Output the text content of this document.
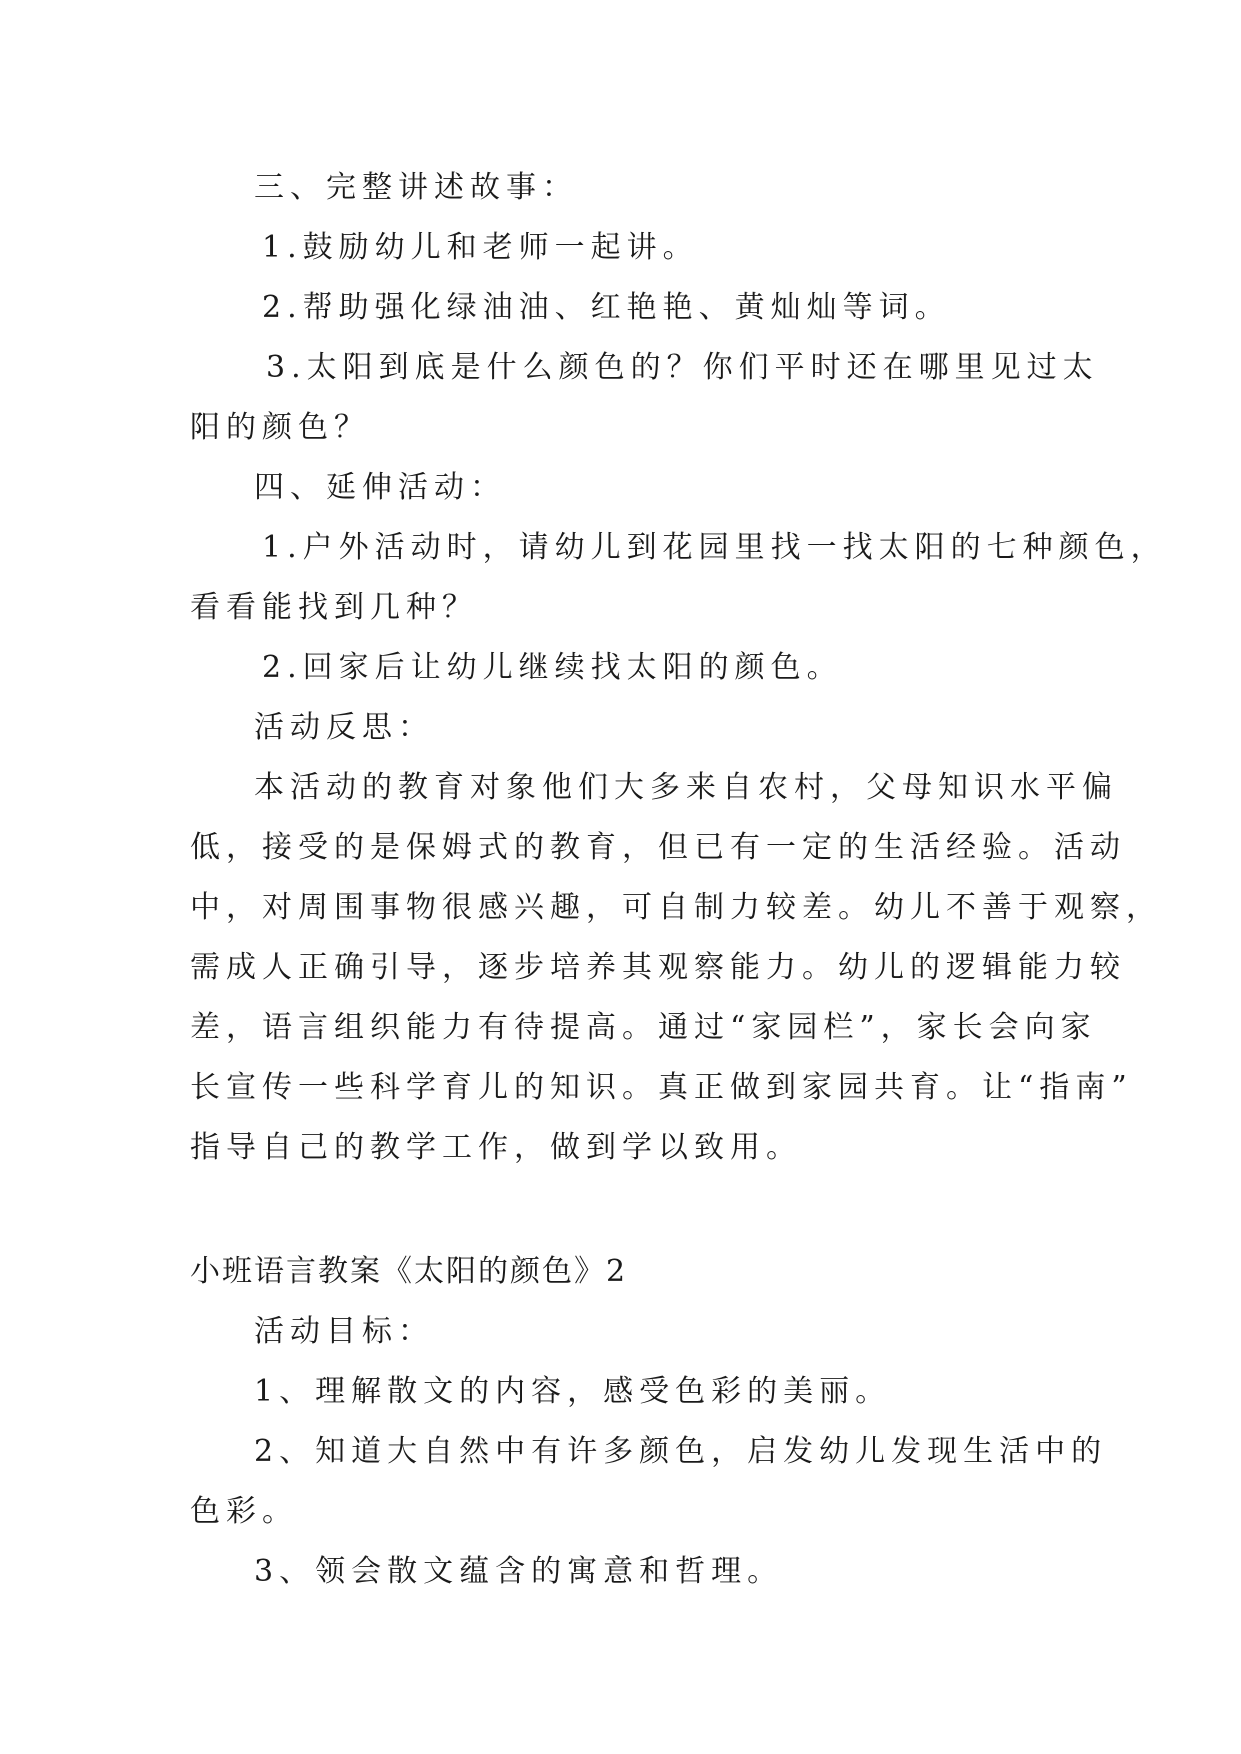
三、完整讲述故事：
1.鼓励幼儿和老师一起讲。
2.帮助强化绿油油、红艳艳、黄灿灿等词。
3.太阳到底是什么颜色的？你们平时还在哪里见过太
阳的颜色？
四、延伸活动：
1.户外活动时，请幼儿到花园里找一找太阳的七种颜色，
看看能找到几种？
2.回家后让幼儿继续找太阳的颜色。
活动反思：
本活动的教育对象他们大多来自农村，父母知识水平偏
低，接受的是保姆式的教育，但已有一定的生活经验。活动
中，对周围事物很感兴趣，可自制力较差。幼儿不善于观察，
需成人正确引导，逐步培养其观察能力。幼儿的逻辑能力较
差，语言组织能力有待提高。通过“家园栏”，家长会向家
长宣传一些科学育儿的知识。真正做到家园共育。让“指南”
指导自己的教学工作，做到学以致用。
小班语言教案《太阳的颜色》2
活动目标：
1、理解散文的内容，感受色彩的美丽。
2、知道大自然中有许多颜色，启发幼儿发现生活中的
色彩。
3、领会散文蕴含的寓意和哲理。
